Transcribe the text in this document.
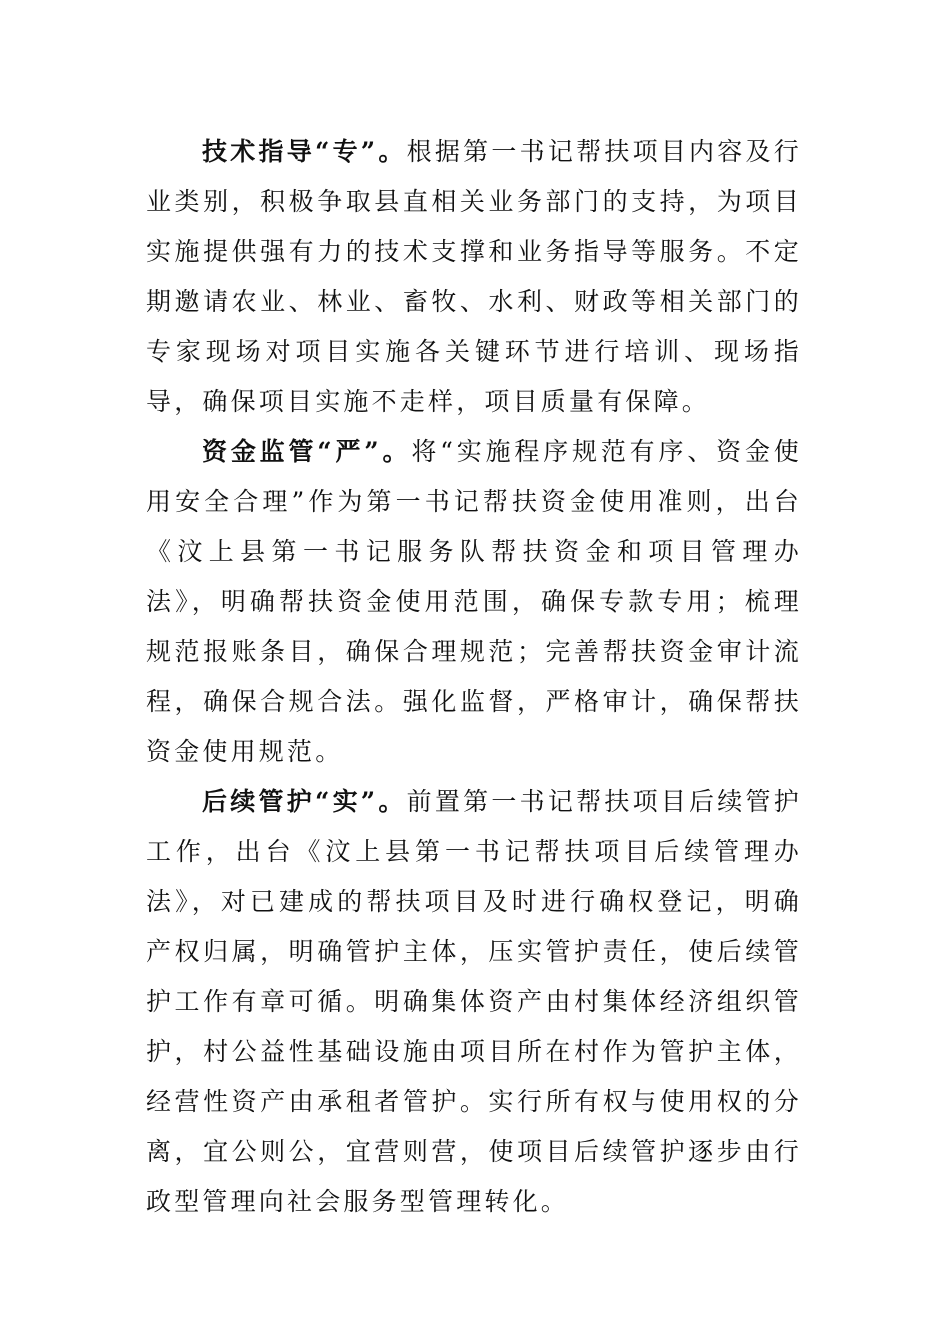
技术指导“专”。根据第一书记帮扶项目内容及行业类别，积极争取县直相关业务部门的支持，为项目实施提供强有力的技术支撑和业务指导等服务。不定期邀请农业、林业、畜牧、水利、财政等相关部门的专家现场对项目实施各关键环节进行培训、现场指导，确保项目实施不走样，项目质量有保障。

资金监管“严”。将“实施程序规范有序、资金使用安全合理”作为第一书记帮扶资金使用准则，出台《汶上县第一书记服务队帮扶资金和项目管理办法》，明确帮扶资金使用范围，确保专款专用；梳理规范报账条目，确保合理规范；完善帮扶资金审计流程，确保合规合法。强化监督，严格审计，确保帮扶资金使用规范。

后续管护“实”。前置第一书记帮扶项目后续管护工作，出台《汶上县第一书记帮扶项目后续管理办法》，对已建成的帮扶项目及时进行确权登记，明确产权归属，明确管护主体，压实管护责任，使后续管护工作有章可循。明确集体资产由村集体经济组织管护，村公益性基础设施由项目所在村作为管护主体，经营性资产由承租者管护。实行所有权与使用权的分离，宜公则公，宜营则营，使项目后续管护逐步由行政型管理向社会服务型管理转化。
